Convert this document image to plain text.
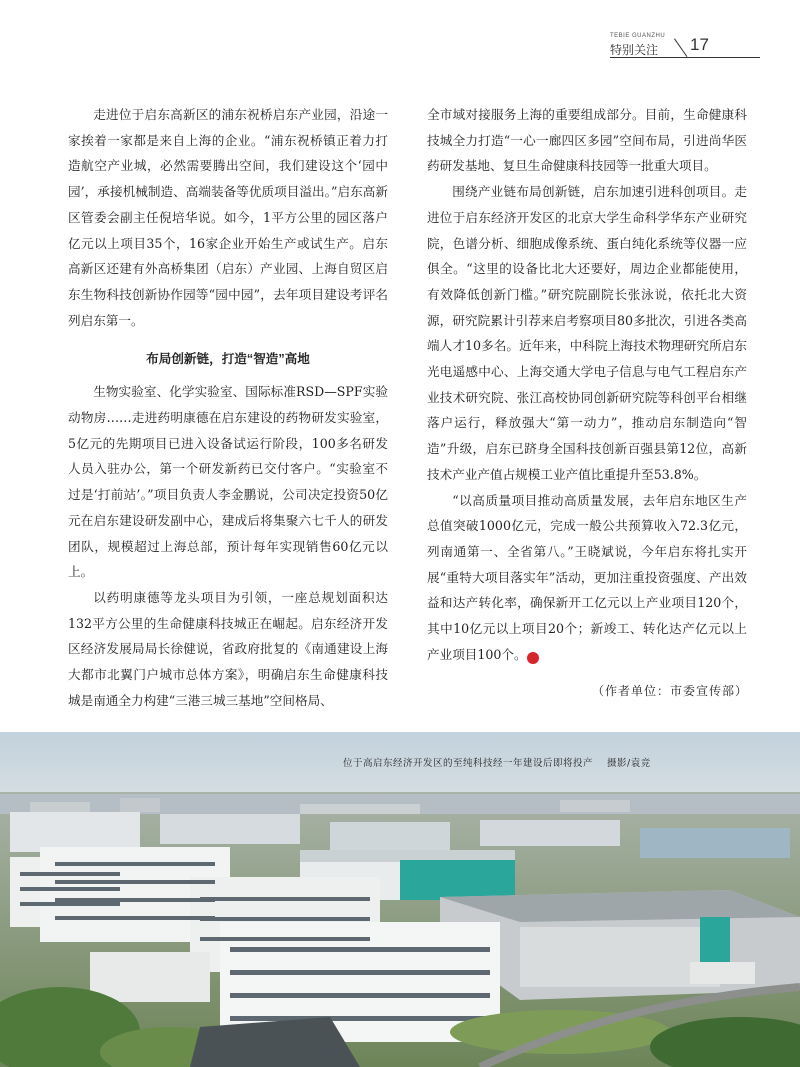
TEBIE GUANZHU
特别关注 17

走进位于启东高新区的浦东祝桥启东产业园，沿途一家挨着一家都是来自上海的企业。“浦东祝桥镇正着力打造航空产业城，必然需要腾出空间，我们建设这个‘园中园’，承接机械制造、高端装备等优质项目溢出。”启东高新区管委会副主任倪培华说。如今，1平方公里的园区落户亿元以上项目35个，16家企业开始生产或试生产。启东高新区还建有外高桥集团（启东）产业园、上海自贸区启东生物科技创新协作园等“园中园”，去年项目建设考评名列启东第一。

布局创新链，打造“智造”高地

生物实验室、化学实验室、国际标准RSD—SPF实验动物房……走进药明康德在启东建设的药物研发实验室，5亿元的先期项目已进入设备试运行阶段，100多名研发人员入驻办公，第一个研发新药已交付客户。“实验室不过是‘打前站’。”项目负责人李金鹏说，公司决定投资50亿元在启东建设研发副中心，建成后将集聚六七千人的研发团队，规模超过上海总部，预计每年实现销售60亿元以上。

以药明康德等龙头项目为引领，一座总规划面积达132平方公里的生命健康科技城正在崛起。启东经济开发区经济发展局局长徐健说，省政府批复的《南通建设上海大都市北翼门户城市总体方案》，明确启东生命健康科技城是南通全力构建“三港三城三基地”空间格局、

全市域对接服务上海的重要组成部分。目前，生命健康科技城全力打造“一心一廊四区多园”空间布局，引进尚华医药研发基地、复旦生命健康科技园等一批重大项目。

围绕产业链布局创新链，启东加速引进科创项目。走进位于启东经济开发区的北京大学生命科学华东产业研究院，色谱分析、细胞成像系统、蛋白纯化系统等仪器一应俱全。“这里的设备比北大还要好，周边企业都能使用，有效降低创新门槛。”研究院副院长张泳说，依托北大资源，研究院累计引荐来启考察项目80多批次，引进各类高端人才10多名。近年来，中科院上海技术物理研究所启东光电遥感中心、上海交通大学电子信息与电气工程启东产业技术研究院、张江高校协同创新研究院等科创平台相继落户运行，释放强大“第一动力”，推动启东制造向“智造”升级，启东已跻身全国科技创新百强县第12位，高新技术产业产值占规模工业产值比重提升至53.8%。

“以高质量项目推动高质量发展，去年启东地区生产总值突破1000亿元，完成一般公共预算收入72.3亿元，列南通第一、全省第八。”王晓斌说，今年启东将扎实开展“重特大项目落实年”活动，更加注重投资强度、产出效益和达产转化率，确保新开工亿元以上产业项目120个，其中10亿元以上项目20个；新竣工、转化达产亿元以上产业项目100个。	名

（作者单位：市委宣传部）
位于高启东经济开发区的至纯科技经一年建设后即将投产 摄影/袁竞
